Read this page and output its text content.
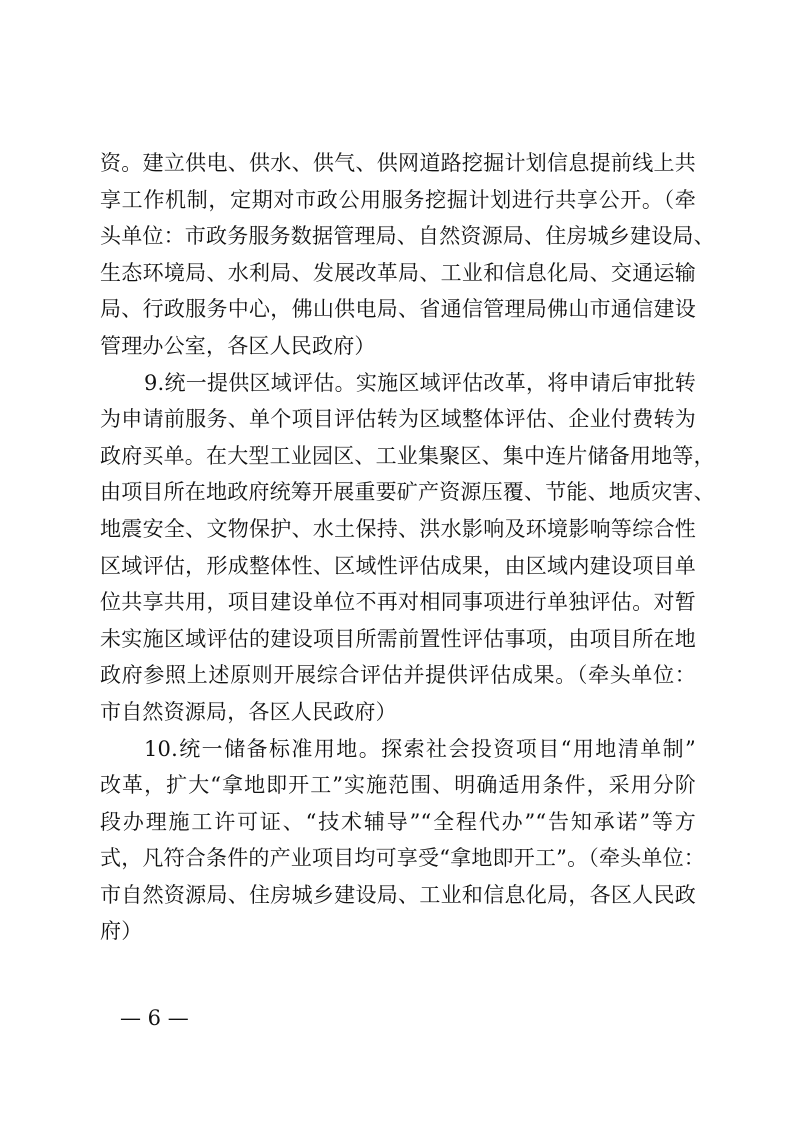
资。建立供电、供水、供气、供网道路挖掘计划信息提前线上共
享工作机制，定期对市政公用服务挖掘计划进行共享公开。（牵
头单位：市政务服务数据管理局、自然资源局、住房城乡建设局、
生态环境局、水利局、发展改革局、工业和信息化局、交通运输
局、行政服务中心，佛山供电局、省通信管理局佛山市通信建设
管理办公室，各区人民政府）
9.统一提供区域评估。实施区域评估改革，将申请后审批转
为申请前服务、单个项目评估转为区域整体评估、企业付费转为
政府买单。在大型工业园区、工业集聚区、集中连片储备用地等，
由项目所在地政府统筹开展重要矿产资源压覆、节能、地质灾害、
地震安全、文物保护、水土保持、洪水影响及环境影响等综合性
区域评估，形成整体性、区域性评估成果，由区域内建设项目单
位共享共用，项目建设单位不再对相同事项进行单独评估。对暂
未实施区域评估的建设项目所需前置性评估事项，由项目所在地
政府参照上述原则开展综合评估并提供评估成果。（牵头单位：
市自然资源局，各区人民政府）
10.统一储备标准用地。探索社会投资项目“用地清单制”
改革，扩大“拿地即开工”实施范围、明确适用条件，采用分阶
段办理施工许可证、“技术辅导”“全程代办”“告知承诺”等方
式，凡符合条件的产业项目均可享受“拿地即开工”。（牵头单位：
市自然资源局、住房城乡建设局、工业和信息化局，各区人民政
府）
— 6 —
